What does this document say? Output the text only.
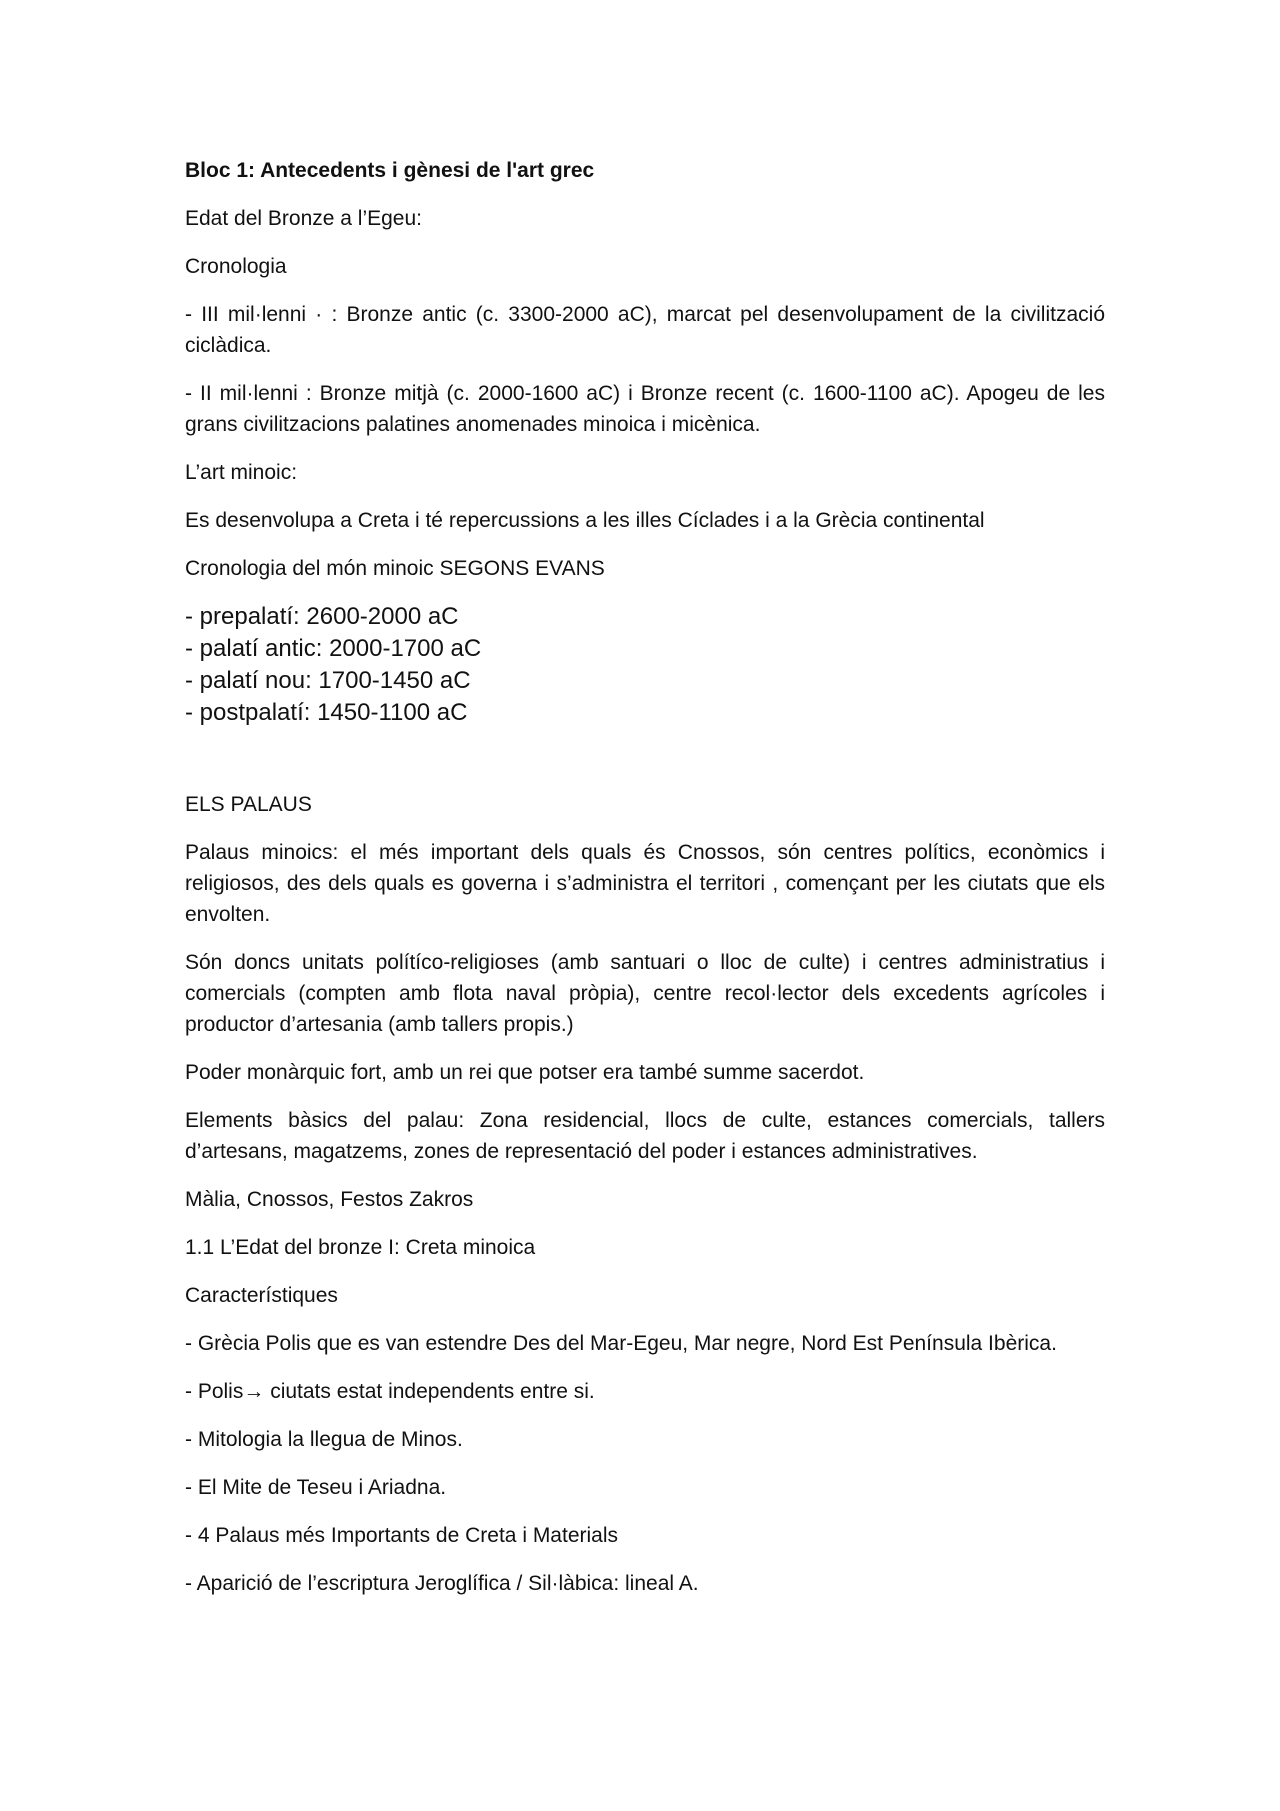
Bloc 1: Antecedents i gènesi de l'art grec

Edat del Bronze a l’Egeu:

Cronologia

- III mil·lenni · : Bronze antic (c. 3300-2000 aC), marcat pel desenvolupament de la civilització ciclàdica.

- II mil·lenni : Bronze mitjà (c. 2000-1600 aC) i Bronze recent (c. 1600-1100 aC). Apogeu de les grans civilitzacions palatines anomenades minoica i micènica.

L’art minoic:

Es desenvolupa a Creta i té repercussions a les illes Cíclades i a la Grècia continental

Cronologia del món minoic SEGONS EVANS

- prepalatí: 2600-2000 aC
- palatí antic: 2000-1700 aC
- palatí nou: 1700-1450 aC
- postpalatí: 1450-1100 aC

ELS PALAUS

Palaus minoics: el més important dels quals és Cnossos, són centres polítics, econòmics i religiosos, des dels quals es governa i s’administra el territori , començant per les ciutats que els envolten.

Són doncs unitats polítíco-religioses (amb santuari o lloc de culte) i centres administratius i comercials (compten amb flota naval pròpia), centre recol·lector dels excedents agrícoles i productor d’artesania (amb tallers propis.)

Poder monàrquic fort, amb un rei que potser era també summe sacerdot.

Elements bàsics del palau: Zona residencial, llocs de culte, estances comercials, tallers d’artesans, magatzems, zones de representació del poder i estances administratives.

Màlia, Cnossos, Festos Zakros

1.1 L’Edat del bronze I: Creta minoica

Característiques

- Grècia Polis que es van estendre Des del Mar-Egeu, Mar negre, Nord Est Península Ibèrica.

- Polis→ ciutats estat independents entre si.

- Mitologia la llegua de Minos.

- El Mite de Teseu i Ariadna.

- 4 Palaus més Importants de Creta i Materials

- Aparició de l’escriptura Jeroglífica / Sil·làbica: lineal A.
